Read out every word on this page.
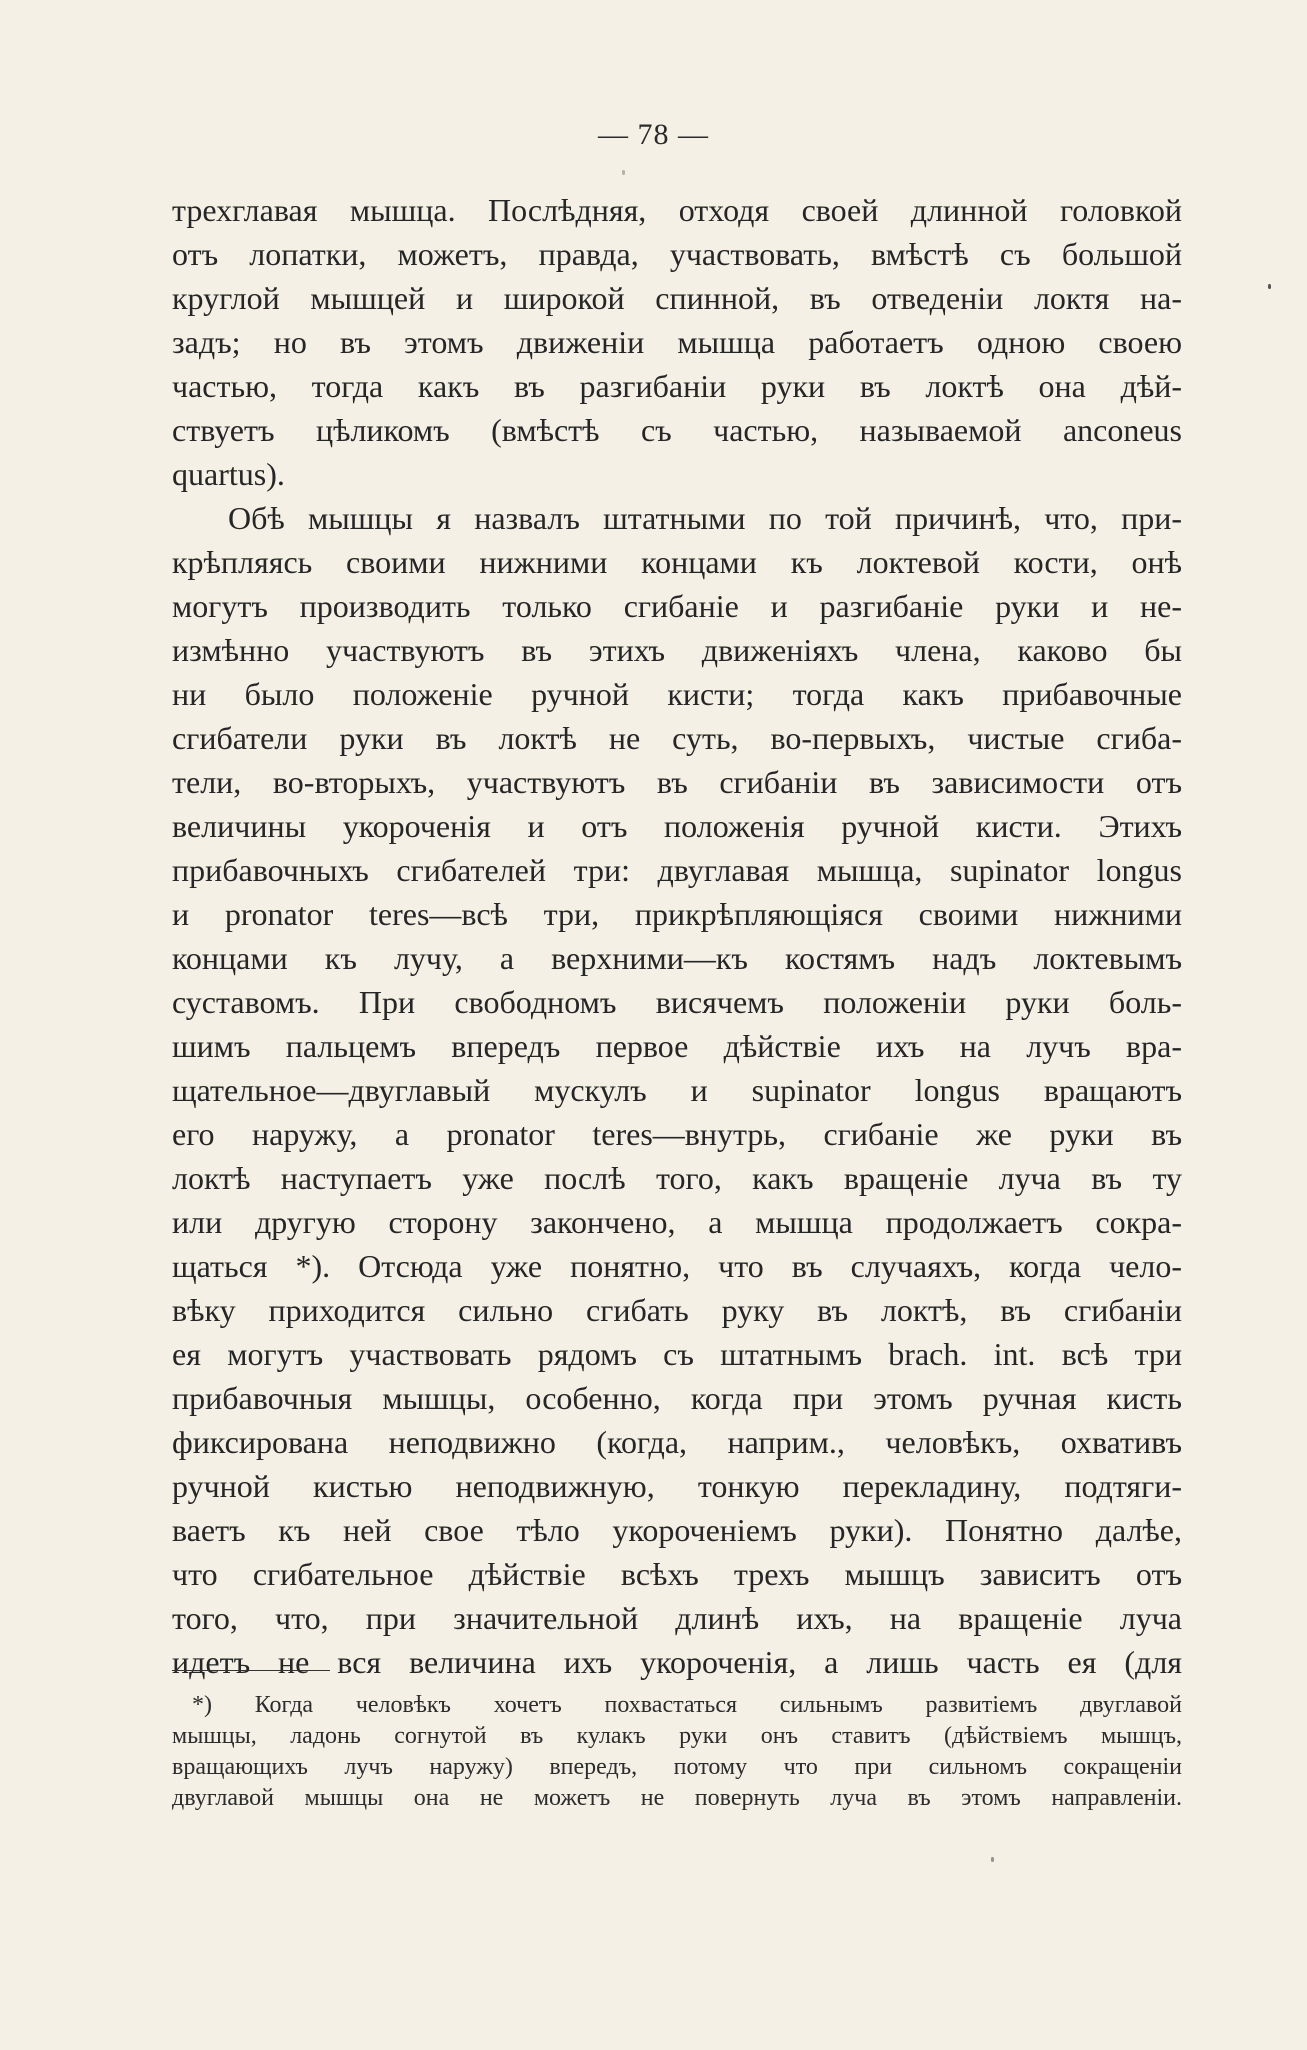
— 78 —
трехглавая мышца. Послѣдняя, отходя своей длинной головкой
отъ лопатки, можетъ, правда, участвовать, вмѣстѣ съ большой
круглой мышцей и широкой спинной, въ отведенiи локтя на-
задъ; но въ этомъ движенiи мышца работаетъ одною своею
частью, тогда какъ въ разгибанiи руки въ локтѣ она дѣй-
ствуетъ цѣликомъ (вмѣстѣ съ частью, называемой anconeus
quartus).
Обѣ мышцы я назвалъ штатными по той причинѣ, что, при-
крѣпляясь своими нижними концами къ локтевой кости, онѣ
могутъ производить только сгибанiе и разгибанiе руки и не-
измѣнно участвуютъ въ этихъ движенiяхъ члена, каково бы
ни было положенiе ручной кисти; тогда какъ прибавочные
сгибатели руки въ локтѣ не суть, во-первыхъ, чистые сгиба-
тели, во-вторыхъ, участвуютъ въ сгибанiи въ зависимости отъ
величины укороченiя и отъ положенiя ручной кисти. Этихъ
прибавочныхъ сгибателей три: двуглавая мышца, supinator longus
и pronator teres—всѣ три, прикрѣпляющiяся своими нижними
концами къ лучу, а верхними—къ костямъ надъ локтевымъ
суставомъ. При свободномъ висячемъ положенiи руки боль-
шимъ пальцемъ впередъ первое дѣйствiе ихъ на лучъ вра-
щательное—двуглавый мускулъ и supinator longus вращаютъ
его наружу, а pronator teres—внутрь, сгибанiе же руки въ
локтѣ наступаетъ уже послѣ того, какъ вращенiе луча въ ту
или другую сторону закончено, а мышца продолжаетъ сокра-
щаться *). Отсюда уже понятно, что въ случаяхъ, когда чело-
вѣку приходится сильно сгибать руку въ локтѣ, въ сгибанiи
ея могутъ участвовать рядомъ съ штатнымъ brach. int. всѣ три
прибавочныя мышцы, особенно, когда при этомъ ручная кисть
фиксирована неподвижно (когда, наприм., человѣкъ, охвативъ
ручной кистью неподвижную, тонкую перекладину, подтяги-
ваетъ къ ней свое тѣло укороченiемъ руки). Понятно далѣе,
что сгибательное дѣйствiе всѣхъ трехъ мышцъ зависитъ отъ
того, что, при значительной длинѣ ихъ, на вращенiе луча
идетъ не вся величина ихъ укороченiя, а лишь часть ея (для
*) Когда человѣкъ хочетъ похвастаться сильнымъ развитiемъ двуглавой
мышцы, ладонь согнутой въ кулакъ руки онъ ставитъ (дѣйствiемъ мышцъ,
вращающихъ лучъ наружу) впередъ, потому что при сильномъ сокращенiи
двуглавой мышцы она не можетъ не повернуть луча въ этомъ направленiи.
